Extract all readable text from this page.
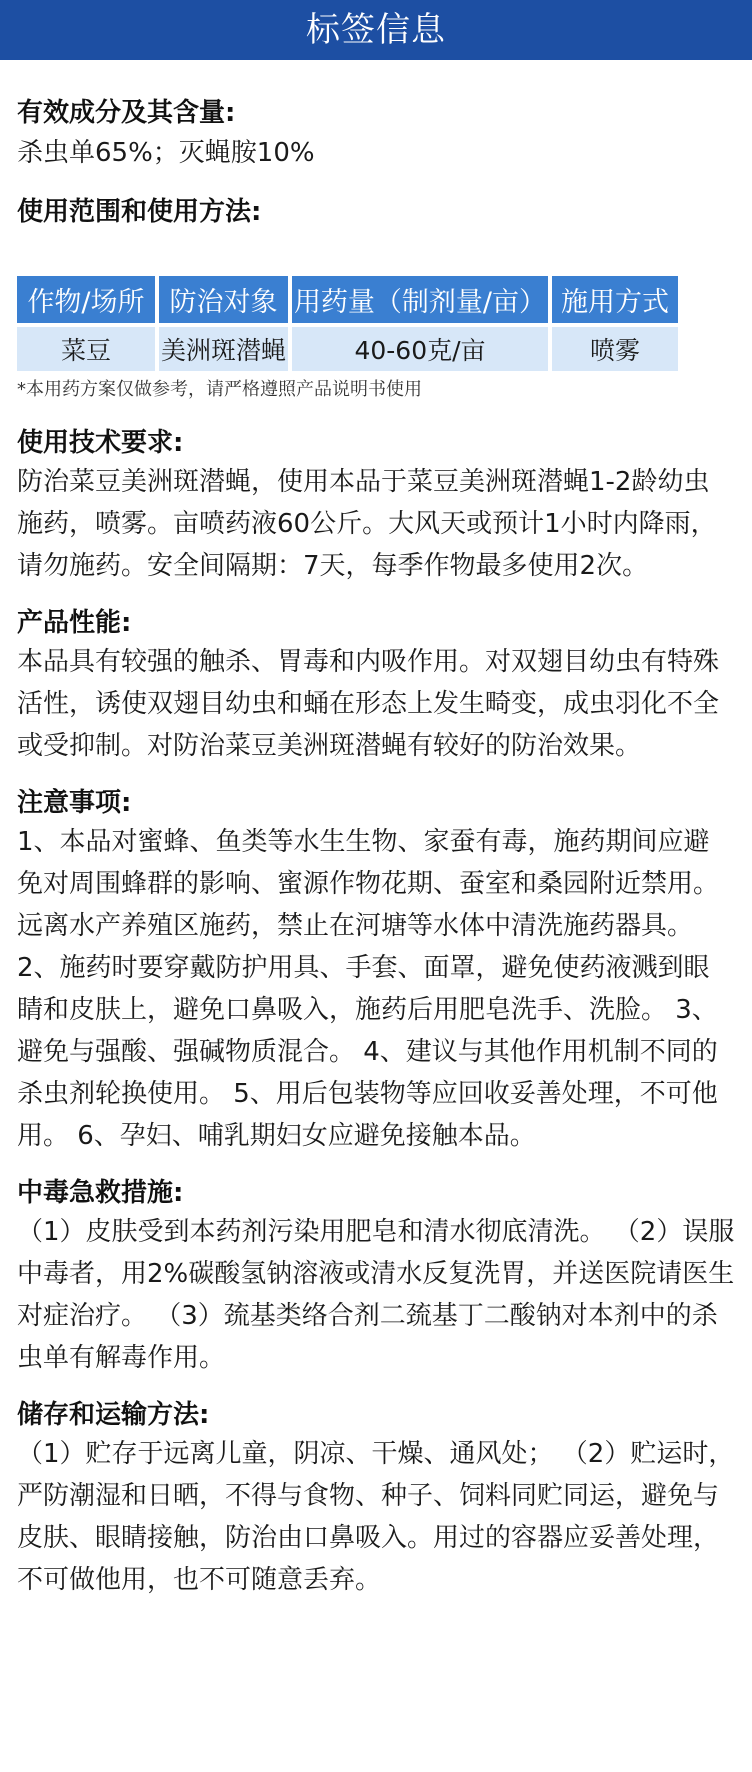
标签信息
有效成分及其含量:
杀虫单65%；灭蝇胺10%
使用范围和使用方法:
作物/场所	防治对象	用药量（制剂量/亩）	施用方式
菜豆	美洲斑潜蝇	40-60克/亩	喷雾
*本用药方案仅做参考，请严格遵照产品说明书使用
使用技术要求:
防治菜豆美洲斑潜蝇，使用本品于菜豆美洲斑潜蝇1-2龄幼虫施药，喷雾。亩喷药液60公斤。大风天或预计1小时内降雨，请勿施药。安全间隔期：7天，每季作物最多使用2次。
产品性能:
本品具有较强的触杀、胃毒和内吸作用。对双翅目幼虫有特殊活性，诱使双翅目幼虫和蛹在形态上发生畸变，成虫羽化不全或受抑制。对防治菜豆美洲斑潜蝇有较好的防治效果。
注意事项:
1、本品对蜜蜂、鱼类等水生生物、家蚕有毒，施药期间应避免对周围蜂群的影响、蜜源作物花期、蚕室和桑园附近禁用。远离水产养殖区施药，禁止在河塘等水体中清洗施药器具。 2、施药时要穿戴防护用具、手套、面罩，避免使药液溅到眼睛和皮肤上，避免口鼻吸入，施药后用肥皂洗手、洗脸。 3、避免与强酸、强碱物质混合。 4、建议与其他作用机制不同的杀虫剂轮换使用。 5、用后包装物等应回收妥善处理，不可他用。 6、孕妇、哺乳期妇女应避免接触本品。
中毒急救措施:
（1）皮肤受到本药剂污染用肥皂和清水彻底清洗。 （2）误服中毒者，用2%碳酸氢钠溶液或清水反复洗胃，并送医院请医生对症治疗。 （3）巯基类络合剂二巯基丁二酸钠对本剂中的杀虫单有解毒作用。
储存和运输方法:
（1）贮存于远离儿童，阴凉、干燥、通风处； （2）贮运时，严防潮湿和日晒，不得与食物、种子、饲料同贮同运，避免与皮肤、眼睛接触，防治由口鼻吸入。用过的容器应妥善处理，不可做他用，也不可随意丢弃。
